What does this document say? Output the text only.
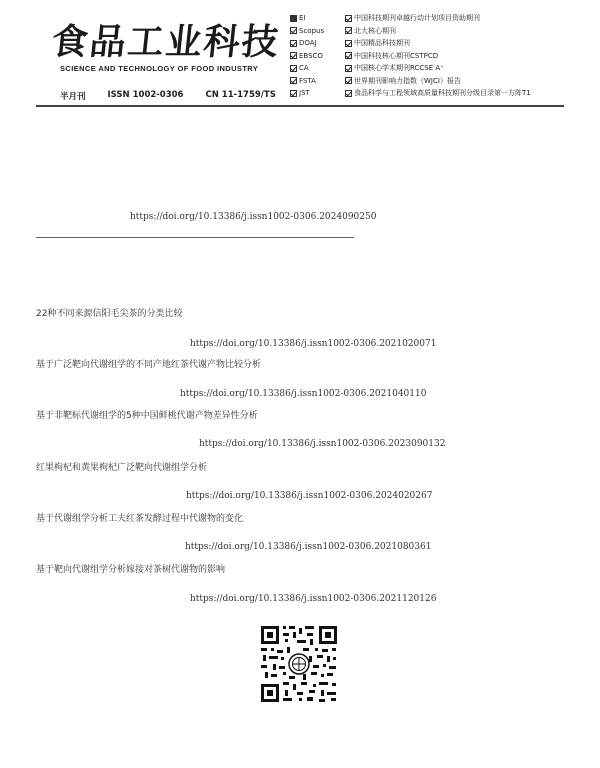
食品工业科技
SCIENCE AND TECHNOLOGY OF FOOD INDUSTRY
半月刊	ISSN 1002-0306	CN 11-1759/TS
EI
Scopus
DOAJ
EBSCO
CA
FSTA
JST
中国科技期刊卓越行动计划项目资助期刊
北大核心期刊
中国精品科技期刊
中国科技核心期刊CSTPCD
中国核心学术期刊RCCSE A⁺
世界期刊影响力指数（WJCI）报告
食品科学与工程领域高质量科技期刊分级目录第一方阵T1
https://doi.org/10.13386/j.issn1002-0306.2024090250
22种不同来源信阳毛尖茶的分类比较
https://doi.org/10.13386/j.issn1002-0306.2021020071
基于广泛靶向代谢组学的不同产地红茶代谢产物比较分析
https://doi.org/10.13386/j.issn1002-0306.2021040110
基于非靶标代谢组学的5种中国鲜桃代谢产物差异性分析
https://doi.org/10.13386/j.issn1002-0306.2023090132
红果枸杞和黄果枸杞广泛靶向代谢组学分析
https://doi.org/10.13386/j.issn1002-0306.2024020267
基于代谢组学分析工夫红茶发酵过程中代谢物的变化
https://doi.org/10.13386/j.issn1002-0306.2021080361
基于靶向代谢组学分析嫁接对茶树代谢物的影响
https://doi.org/10.13386/j.issn1002-0306.2021120126
